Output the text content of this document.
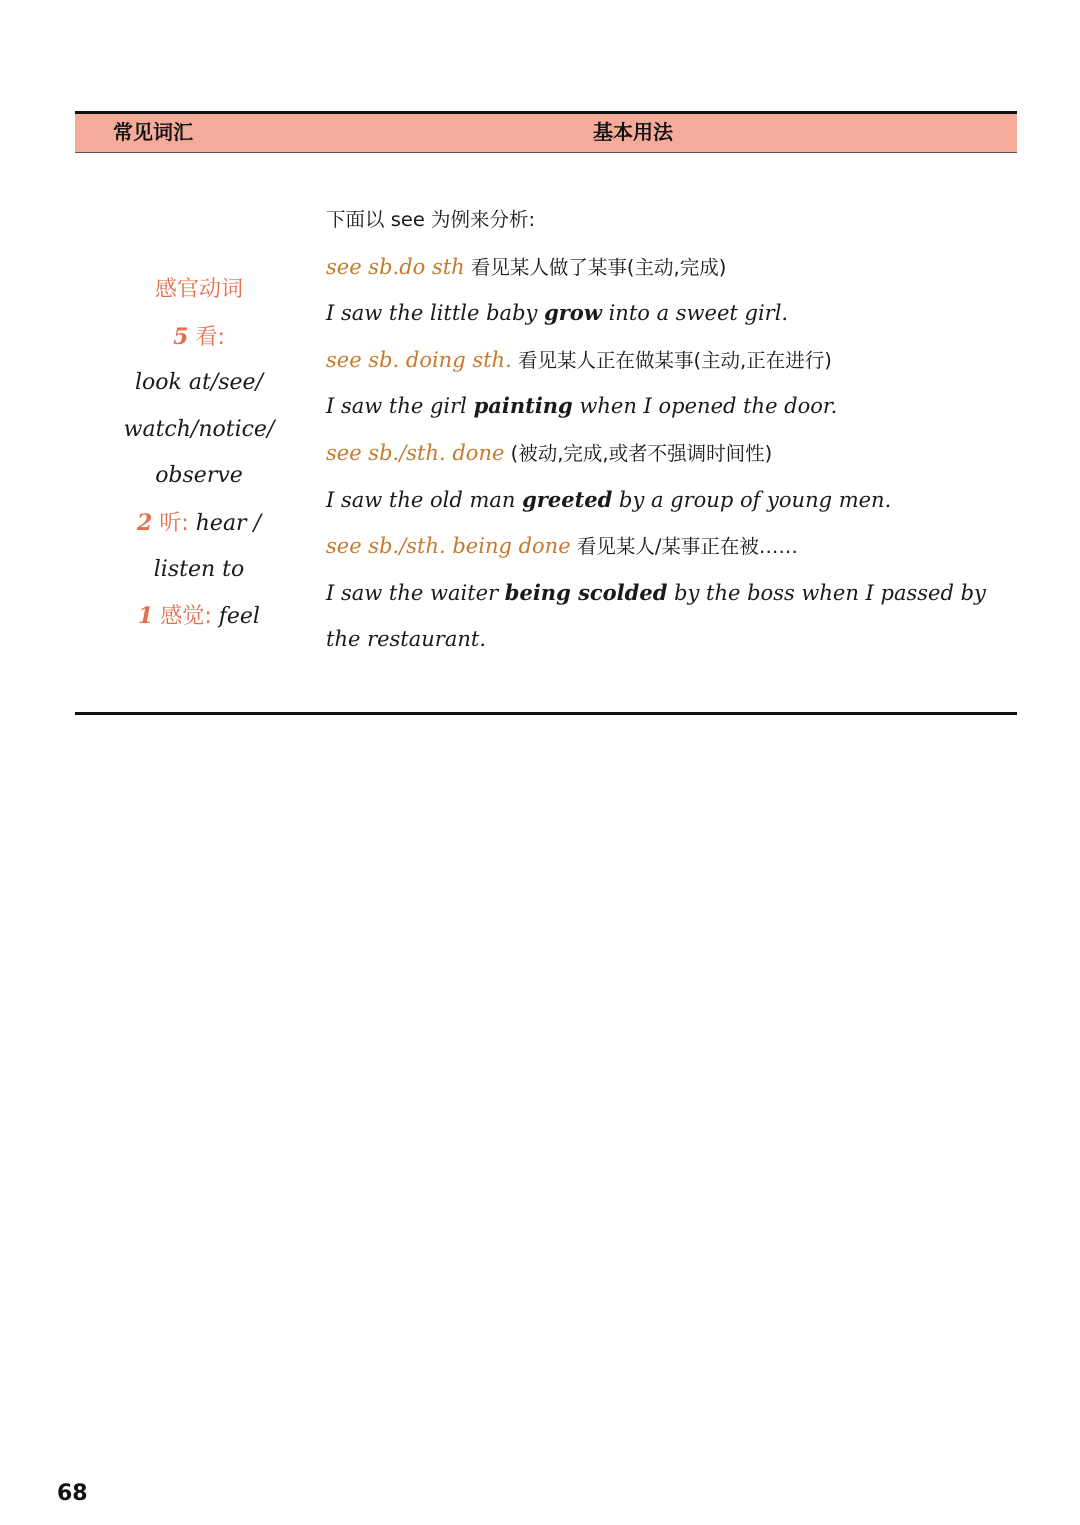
常见词汇	基本用法
感官动词
5 看:
look at/see/
watch/notice/
observe
2 听: hear /
listen to
1 感觉: feel
下面以 see 为例来分析:
see sb.do sth 看见某人做了某事(主动,完成)
I saw the little baby grow into a sweet girl.
see sb. doing sth. 看见某人正在做某事(主动,正在进行)
I saw the girl painting when I opened the door.
see sb./sth. done (被动,完成,或者不强调时间性)
I saw the old man greeted by a group of young men.
see sb./sth. being done 看见某人/某事正在被……
I saw the waiter being scolded by the boss when I passed by
the restaurant.
68
